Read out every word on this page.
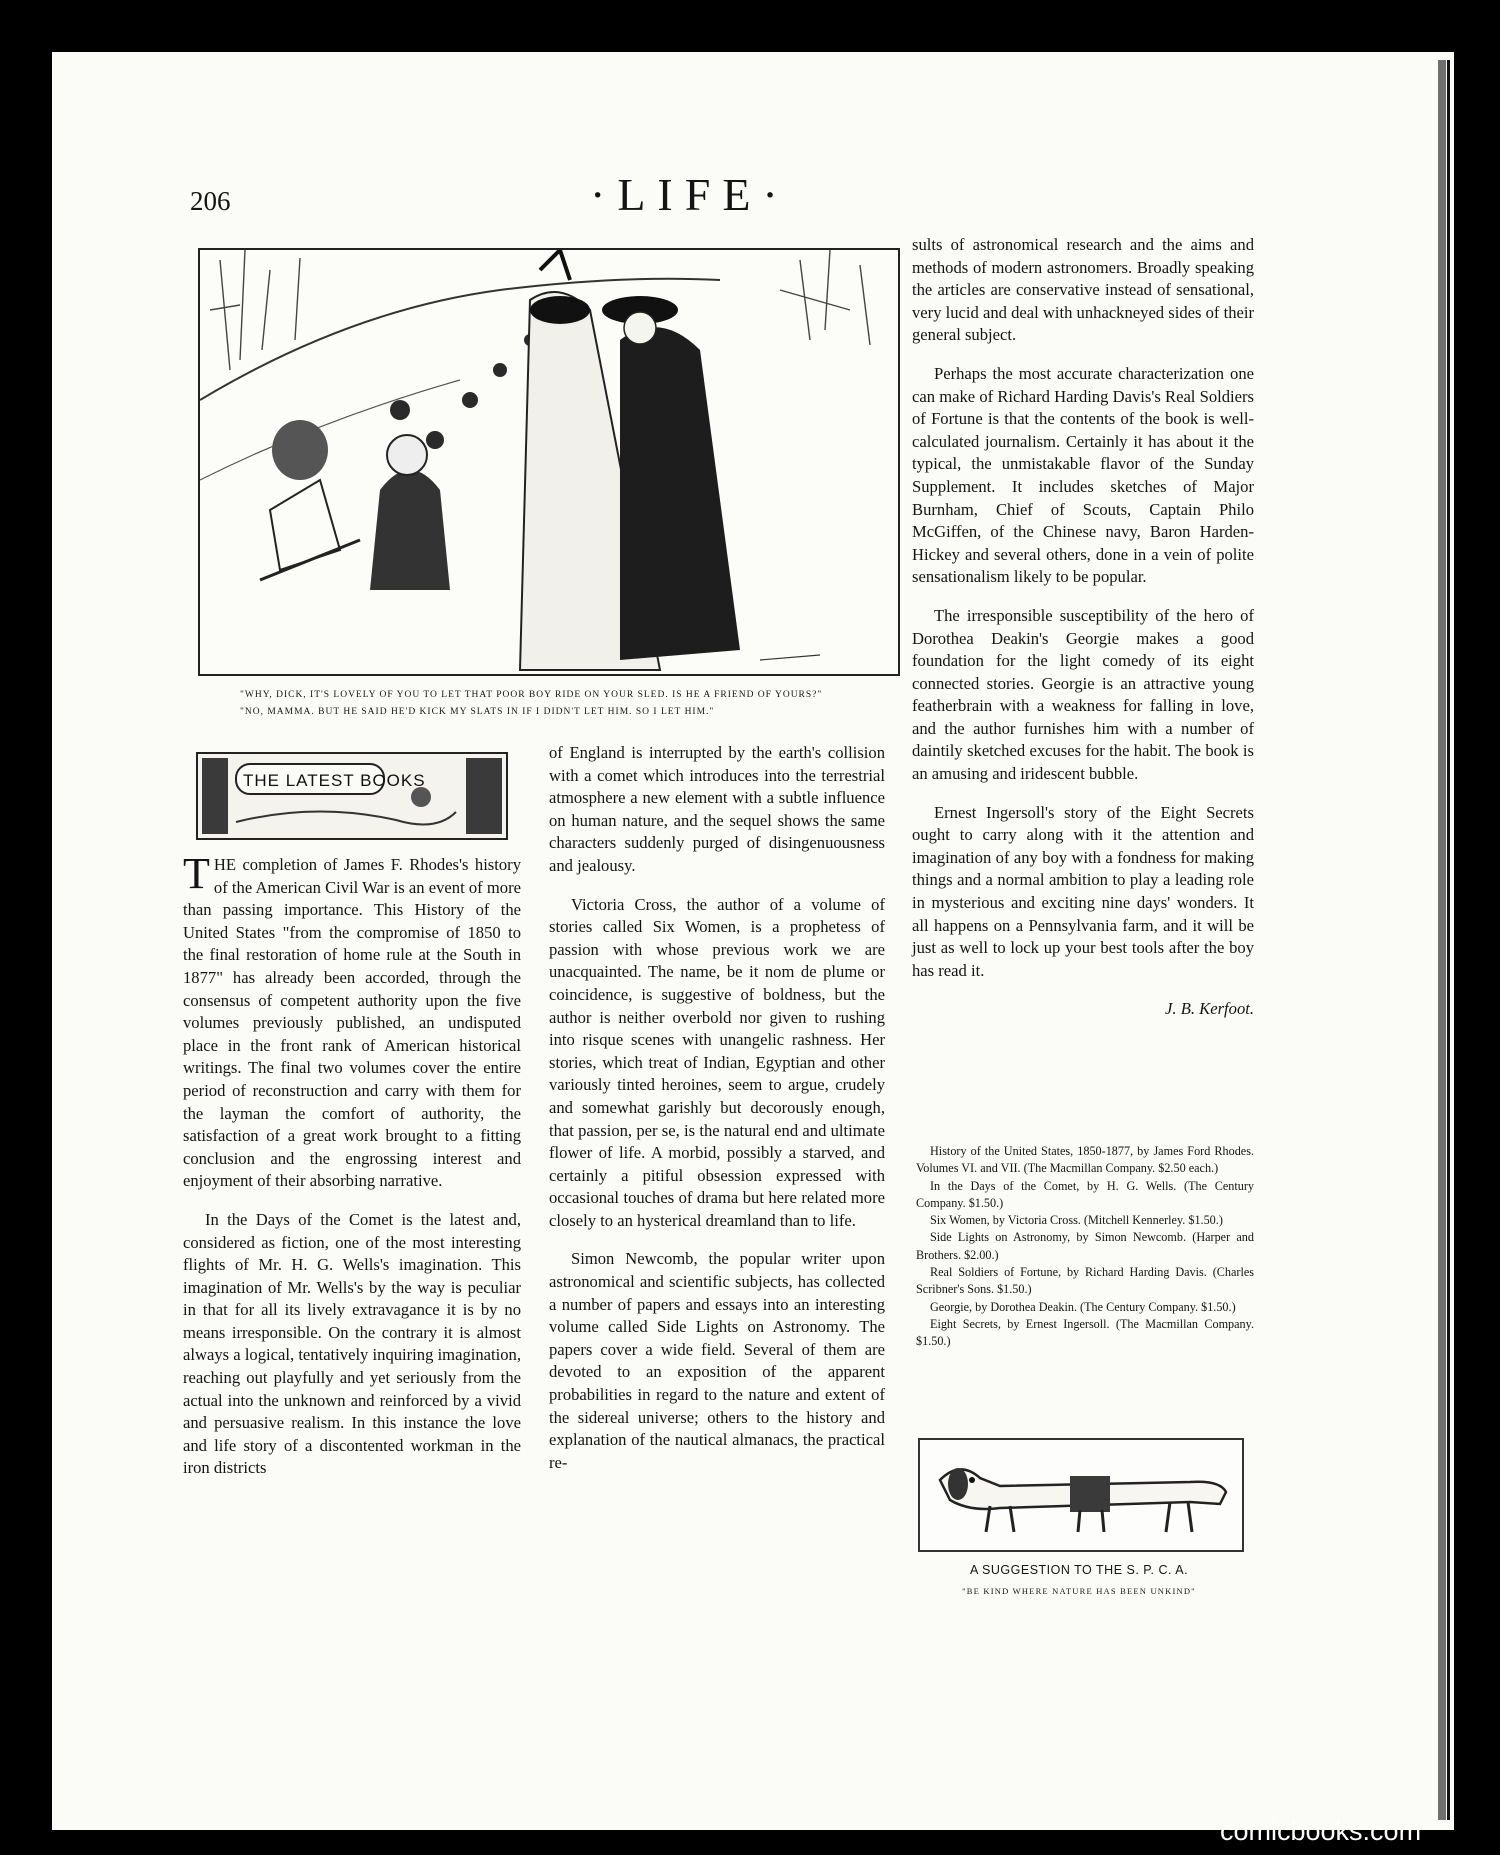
206	·LIFE·
"WHY, DICK, IT'S LOVELY OF YOU TO LET THAT POOR BOY RIDE ON YOUR SLED. IS HE A FRIEND OF YOURS?"
"NO, MAMMA. BUT HE SAID HE'D KICK MY SLATS IN IF I DIDN'T LET HIM. SO I LET HIM."
THE LATEST BOOKS

THE completion of James F. Rhodes's history of the American Civil War is an event of more than passing importance. This History of the United States "from the compromise of 1850 to the final restoration of home rule at the South in 1877" has already been accorded, through the consensus of competent authority upon the five volumes previously published, an undisputed place in the front rank of American historical writings. The final two volumes cover the entire period of reconstruction and carry with them for the layman the comfort of authority, the satisfaction of a great work brought to a fitting conclusion and the engrossing interest and enjoyment of their absorbing narrative.

In the Days of the Comet is the latest and, considered as fiction, one of the most interesting flights of Mr. H. G. Wells's imagination. This imagination of Mr. Wells's by the way is peculiar in that for all its lively extravagance it is by no means irresponsible. On the contrary it is almost always a logical, tentatively inquiring imagination, reaching out playfully and yet seriously from the actual into the unknown and reinforced by a vivid and persuasive realism. In this instance the love and life story of a discontented workman in the iron districts

of England is interrupted by the earth's collision with a comet which introduces into the terrestrial atmosphere a new element with a subtle influence on human nature, and the sequel shows the same characters suddenly purged of disingenuousness and jealousy.

Victoria Cross, the author of a volume of stories called Six Women, is a prophetess of passion with whose previous work we are unacquainted. The name, be it nom de plume or coincidence, is suggestive of boldness, but the author is neither overbold nor given to rushing into risque scenes with unangelic rashness. Her stories, which treat of Indian, Egyptian and other variously tinted heroines, seem to argue, crudely and somewhat garishly but decorously enough, that passion, per se, is the natural end and ultimate flower of life. A morbid, possibly a starved, and certainly a pitiful obsession expressed with occasional touches of drama but here related more closely to an hysterical dreamland than to life.

Simon Newcomb, the popular writer upon astronomical and scientific subjects, has collected a number of papers and essays into an interesting volume called Side Lights on Astronomy. The papers cover a wide field. Several of them are devoted to an exposition of the apparent probabilities in regard to the nature and extent of the sidereal universe; others to the history and explanation of the nautical almanacs, the practical re-

sults of astronomical research and the aims and methods of modern astronomers. Broadly speaking the articles are conservative instead of sensational, very lucid and deal with unhackneyed sides of their general subject.

Perhaps the most accurate characterization one can make of Richard Harding Davis's Real Soldiers of Fortune is that the contents of the book is well-calculated journalism. Certainly it has about it the typical, the unmistakable flavor of the Sunday Supplement. It includes sketches of Major Burnham, Chief of Scouts, Captain Philo McGiffen, of the Chinese navy, Baron Harden-Hickey and several others, done in a vein of polite sensationalism likely to be popular.

The irresponsible susceptibility of the hero of Dorothea Deakin's Georgie makes a good foundation for the light comedy of its eight connected stories. Georgie is an attractive young featherbrain with a weakness for falling in love, and the author furnishes him with a number of daintily sketched excuses for the habit. The book is an amusing and iridescent bubble.

Ernest Ingersoll's story of the Eight Secrets ought to carry along with it the attention and imagination of any boy with a fondness for making things and a normal ambition to play a leading role in mysterious and exciting nine days' wonders. It all happens on a Pennsylvania farm, and it will be just as well to lock up your best tools after the boy has read it.

J. B. Kerfoot.

History of the United States, 1850-1877, by James Ford Rhodes. Volumes VI. and VII. (The Macmillan Company. $2.50 each.)
In the Days of the Comet, by H. G. Wells. (The Century Company. $1.50.)
Six Women, by Victoria Cross. (Mitchell Kennerley. $1.50.)
Side Lights on Astronomy, by Simon Newcomb. (Harper and Brothers. $2.00.)
Real Soldiers of Fortune, by Richard Harding Davis. (Charles Scribner's Sons. $1.50.)
Georgie, by Dorothea Deakin. (The Century Company. $1.50.)
Eight Secrets, by Ernest Ingersoll. (The Macmillan Company. $1.50.)
A SUGGESTION TO THE S. P. C. A.
"BE KIND WHERE NATURE HAS BEEN UNKIND"
comicbooks.com
